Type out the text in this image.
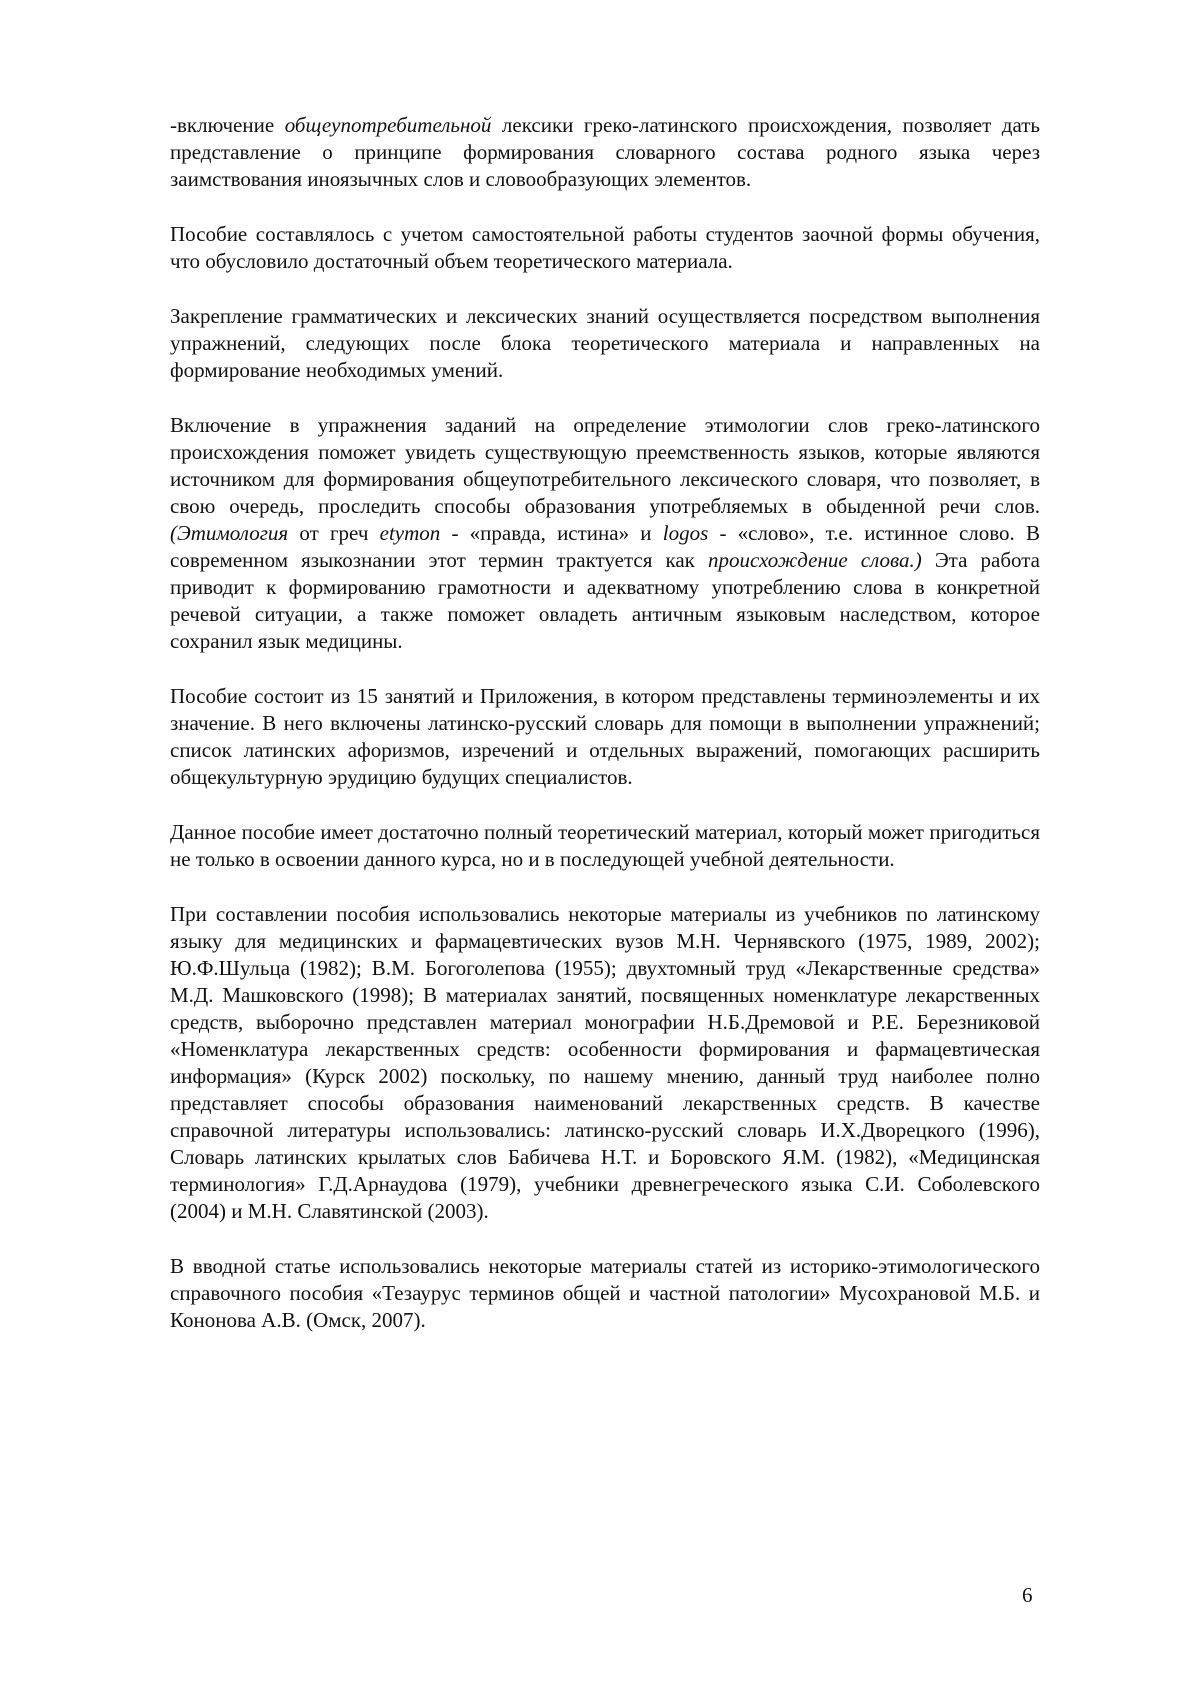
-включение общеупотребительной лексики греко-латинского происхождения, позволяет дать представление о принципе формирования словарного состава родного языка через заимствования иноязычных слов и словообразующих элементов.

Пособие составлялось с учетом самостоятельной работы студентов заочной формы обучения, что обусловило достаточный объем теоретического материала.

Закрепление грамматических и лексических знаний осуществляется посредством выполнения упражнений, следующих после блока теоретического материала и направленных на формирование необходимых умений.

Включение в упражнения заданий на определение этимологии слов греко-латинского происхождения поможет увидеть существующую преемственность языков, которые являются источником для формирования общеупотребительного лексического словаря, что позволяет, в свою очередь, проследить способы образования употребляемых в обыденной речи слов. (Этимология от греч etymon - «правда, истина» и logos - «слово», т.е. истинное слово. В современном языкознании этот термин трактуется как происхождение слова.) Эта работа приводит к формированию грамотности и адекватному употреблению слова в конкретной речевой ситуации, а также поможет овладеть античным языковым наследством, которое сохранил язык медицины.

Пособие состоит из 15 занятий и Приложения, в котором представлены терминоэлементы и их значение. В него включены латинско-русский словарь для помощи в выполнении упражнений; список латинских афоризмов, изречений и отдельных выражений, помогающих расширить общекультурную эрудицию будущих специалистов.

Данное пособие имеет достаточно полный теоретический материал, который может пригодиться не только в освоении данного курса, но и в последующей учебной деятельности.

При составлении пособия использовались некоторые материалы из учебников по латинскому языку для медицинских и фармацевтических вузов М.Н. Чернявского (1975, 1989, 2002); Ю.Ф.Шульца (1982); В.М. Богоголепова (1955); двухтомный труд «Лекарственные средства» М.Д. Машковского (1998); В материалах занятий, посвященных номенклатуре лекарственных средств, выборочно представлен материал монографии Н.Б.Дремовой и Р.Е. Березниковой «Номенклатура лекарственных средств: особенности формирования и фармацевтическая информация» (Курск 2002) поскольку, по нашему мнению, данный труд наиболее полно представляет способы образования наименований лекарственных средств. В качестве справочной литературы использовались: латинско-русский словарь И.Х.Дворецкого (1996), Словарь латинских крылатых слов Бабичева Н.Т. и Боровского Я.М. (1982), «Медицинская терминология» Г.Д.Арнаудова (1979), учебники древнегреческого языка С.И. Соболевского (2004) и М.Н. Славятинской (2003).

В вводной статье использовались некоторые материалы статей из историко-этимологического справочного пособия «Тезаурус терминов общей и частной патологии» Мусохрановой М.Б. и Кононова А.В. (Омск, 2007).

6
